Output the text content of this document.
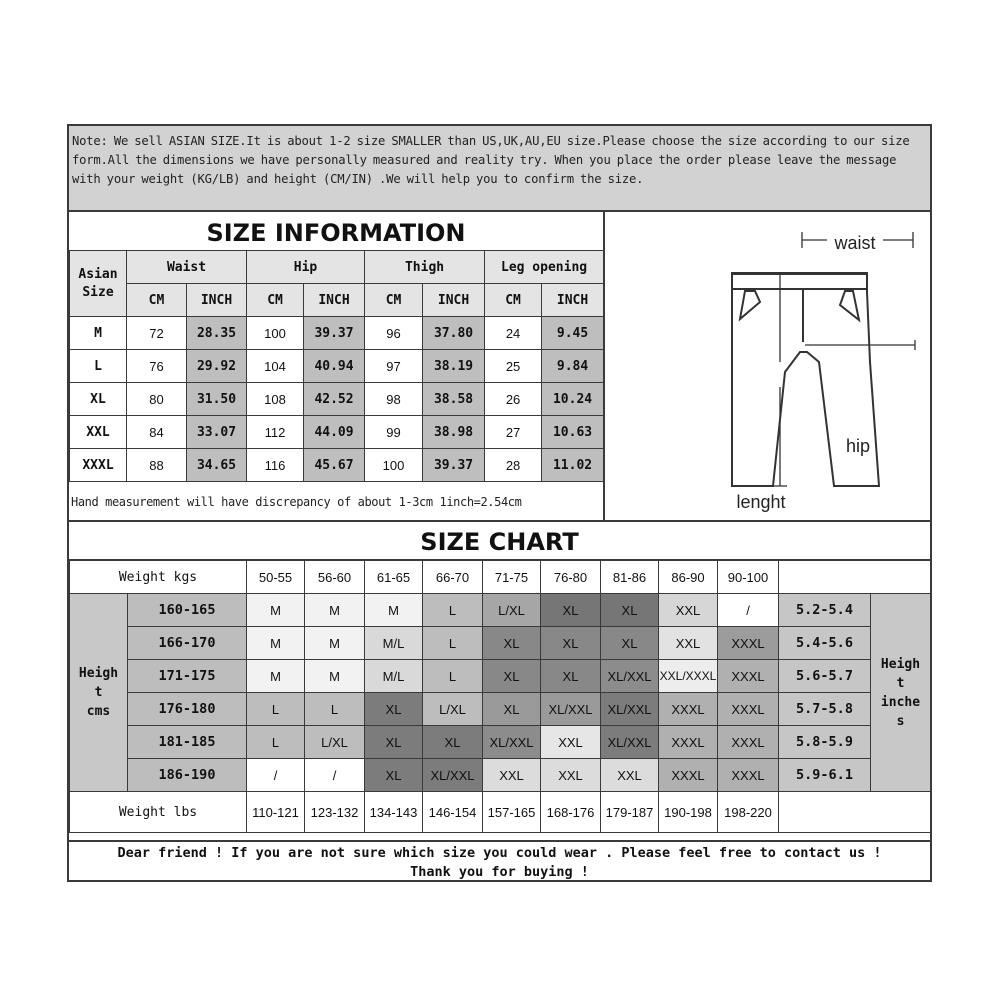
Note: We sell ASIAN SIZE.It is about 1-2 size SMALLER than US,UK,AU,EU size.Please choose the size according to our size form.All the dimensions we have personally measured and reality try. When you place the order please leave the message with your weight (KG/LB) and height (CM/IN) .We will help you to confirm the size.
SIZE INFORMATION
Asian
Size	Waist		Hip		Thigh		Leg opening	
	CM	INCH	CM	INCH	CM	INCH	CM	INCH
M	72	28.35	100	39.37	96	37.80	24	9.45
L	76	29.92	104	40.94	97	38.19	25	9.84
XL	80	31.50	108	42.52	98	38.58	26	10.24
XXL	84	33.07	112	44.09	99	38.98	27	10.63
XXXL	88	34.65	116	45.67	100	39.37	28	11.02
Hand measurement will have discrepancy of about 1-3cm 1inch=2.54cm
waist
hip
lenght
SIZE CHART
Weight kgs		50-55	56-60	61-65	66-70	71-75	76-80	81-86	86-90	90-100		
Heigh
t
cms	160-165	M	M	M	L	L/XL	XL	XL	XXL	/	5.2-5.4	Heigh
t
inche
s
	166-170	M	M	M/L	L	XL	XL	XL	XXL	XXXL	5.4-5.6	
	171-175	M	M	M/L	L	XL	XL	XL/XXL	XXL/XXXL	XXXL	5.6-5.7	
	176-180	L	L	XL	L/XL	XL	XL/XXL	XL/XXL	XXXL	XXXL	5.7-5.8	
	181-185	L	L/XL	XL	XL	XL/XXL	XXL	XL/XXL	XXXL	XXXL	5.8-5.9	
	186-190	/	/	XL	XL/XXL	XXL	XXL	XXL	XXXL	XXXL	5.9-6.1	
Weight lbs		110-121	123-132	134-143	146-154	157-165	168-176	179-187	190-198	198-220		
Dear friend ! If you are not sure which size you could wear . Please feel free to contact us !
Thank you for buying !
